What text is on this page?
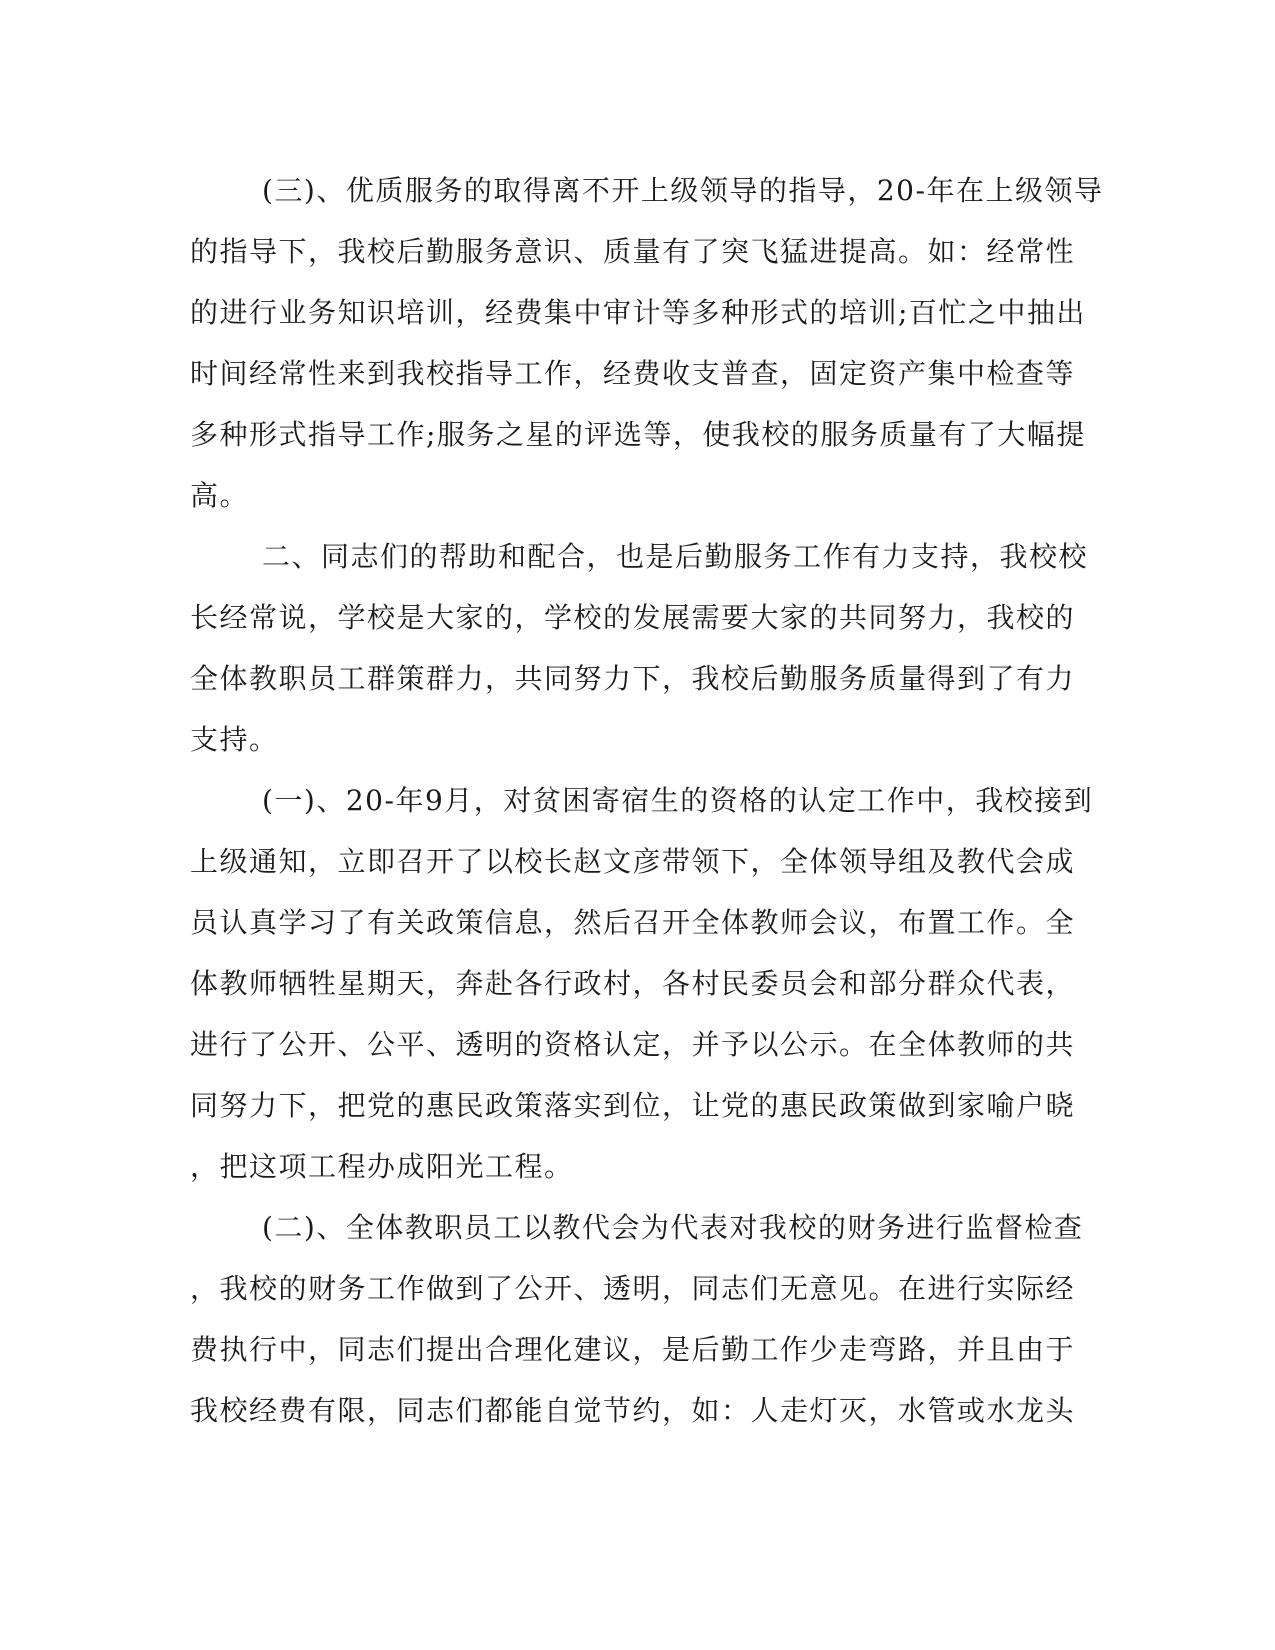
(三)、优质服务的取得离不开上级领导的指导，20-年在上级领导
的指导下，我校后勤服务意识、质量有了突飞猛进提高。如：经常性
的进行业务知识培训，经费集中审计等多种形式的培训;百忙之中抽出
时间经常性来到我校指导工作，经费收支普查，固定资产集中检查等
多种形式指导工作;服务之星的评选等，使我校的服务质量有了大幅提
高。
二、同志们的帮助和配合，也是后勤服务工作有力支持，我校校
长经常说，学校是大家的，学校的发展需要大家的共同努力，我校的
全体教职员工群策群力，共同努力下，我校后勤服务质量得到了有力
支持。
(一)、20-年9月，对贫困寄宿生的资格的认定工作中，我校接到
上级通知，立即召开了以校长赵文彦带领下，全体领导组及教代会成
员认真学习了有关政策信息，然后召开全体教师会议，布置工作。全
体教师牺牲星期天，奔赴各行政村，各村民委员会和部分群众代表，
进行了公开、公平、透明的资格认定，并予以公示。在全体教师的共
同努力下，把党的惠民政策落实到位，让党的惠民政策做到家喻户晓
，把这项工程办成阳光工程。
(二)、全体教职员工以教代会为代表对我校的财务进行监督检查
，我校的财务工作做到了公开、透明，同志们无意见。在进行实际经
费执行中，同志们提出合理化建议，是后勤工作少走弯路，并且由于
我校经费有限，同志们都能自觉节约，如：人走灯灭，水管或水龙头
